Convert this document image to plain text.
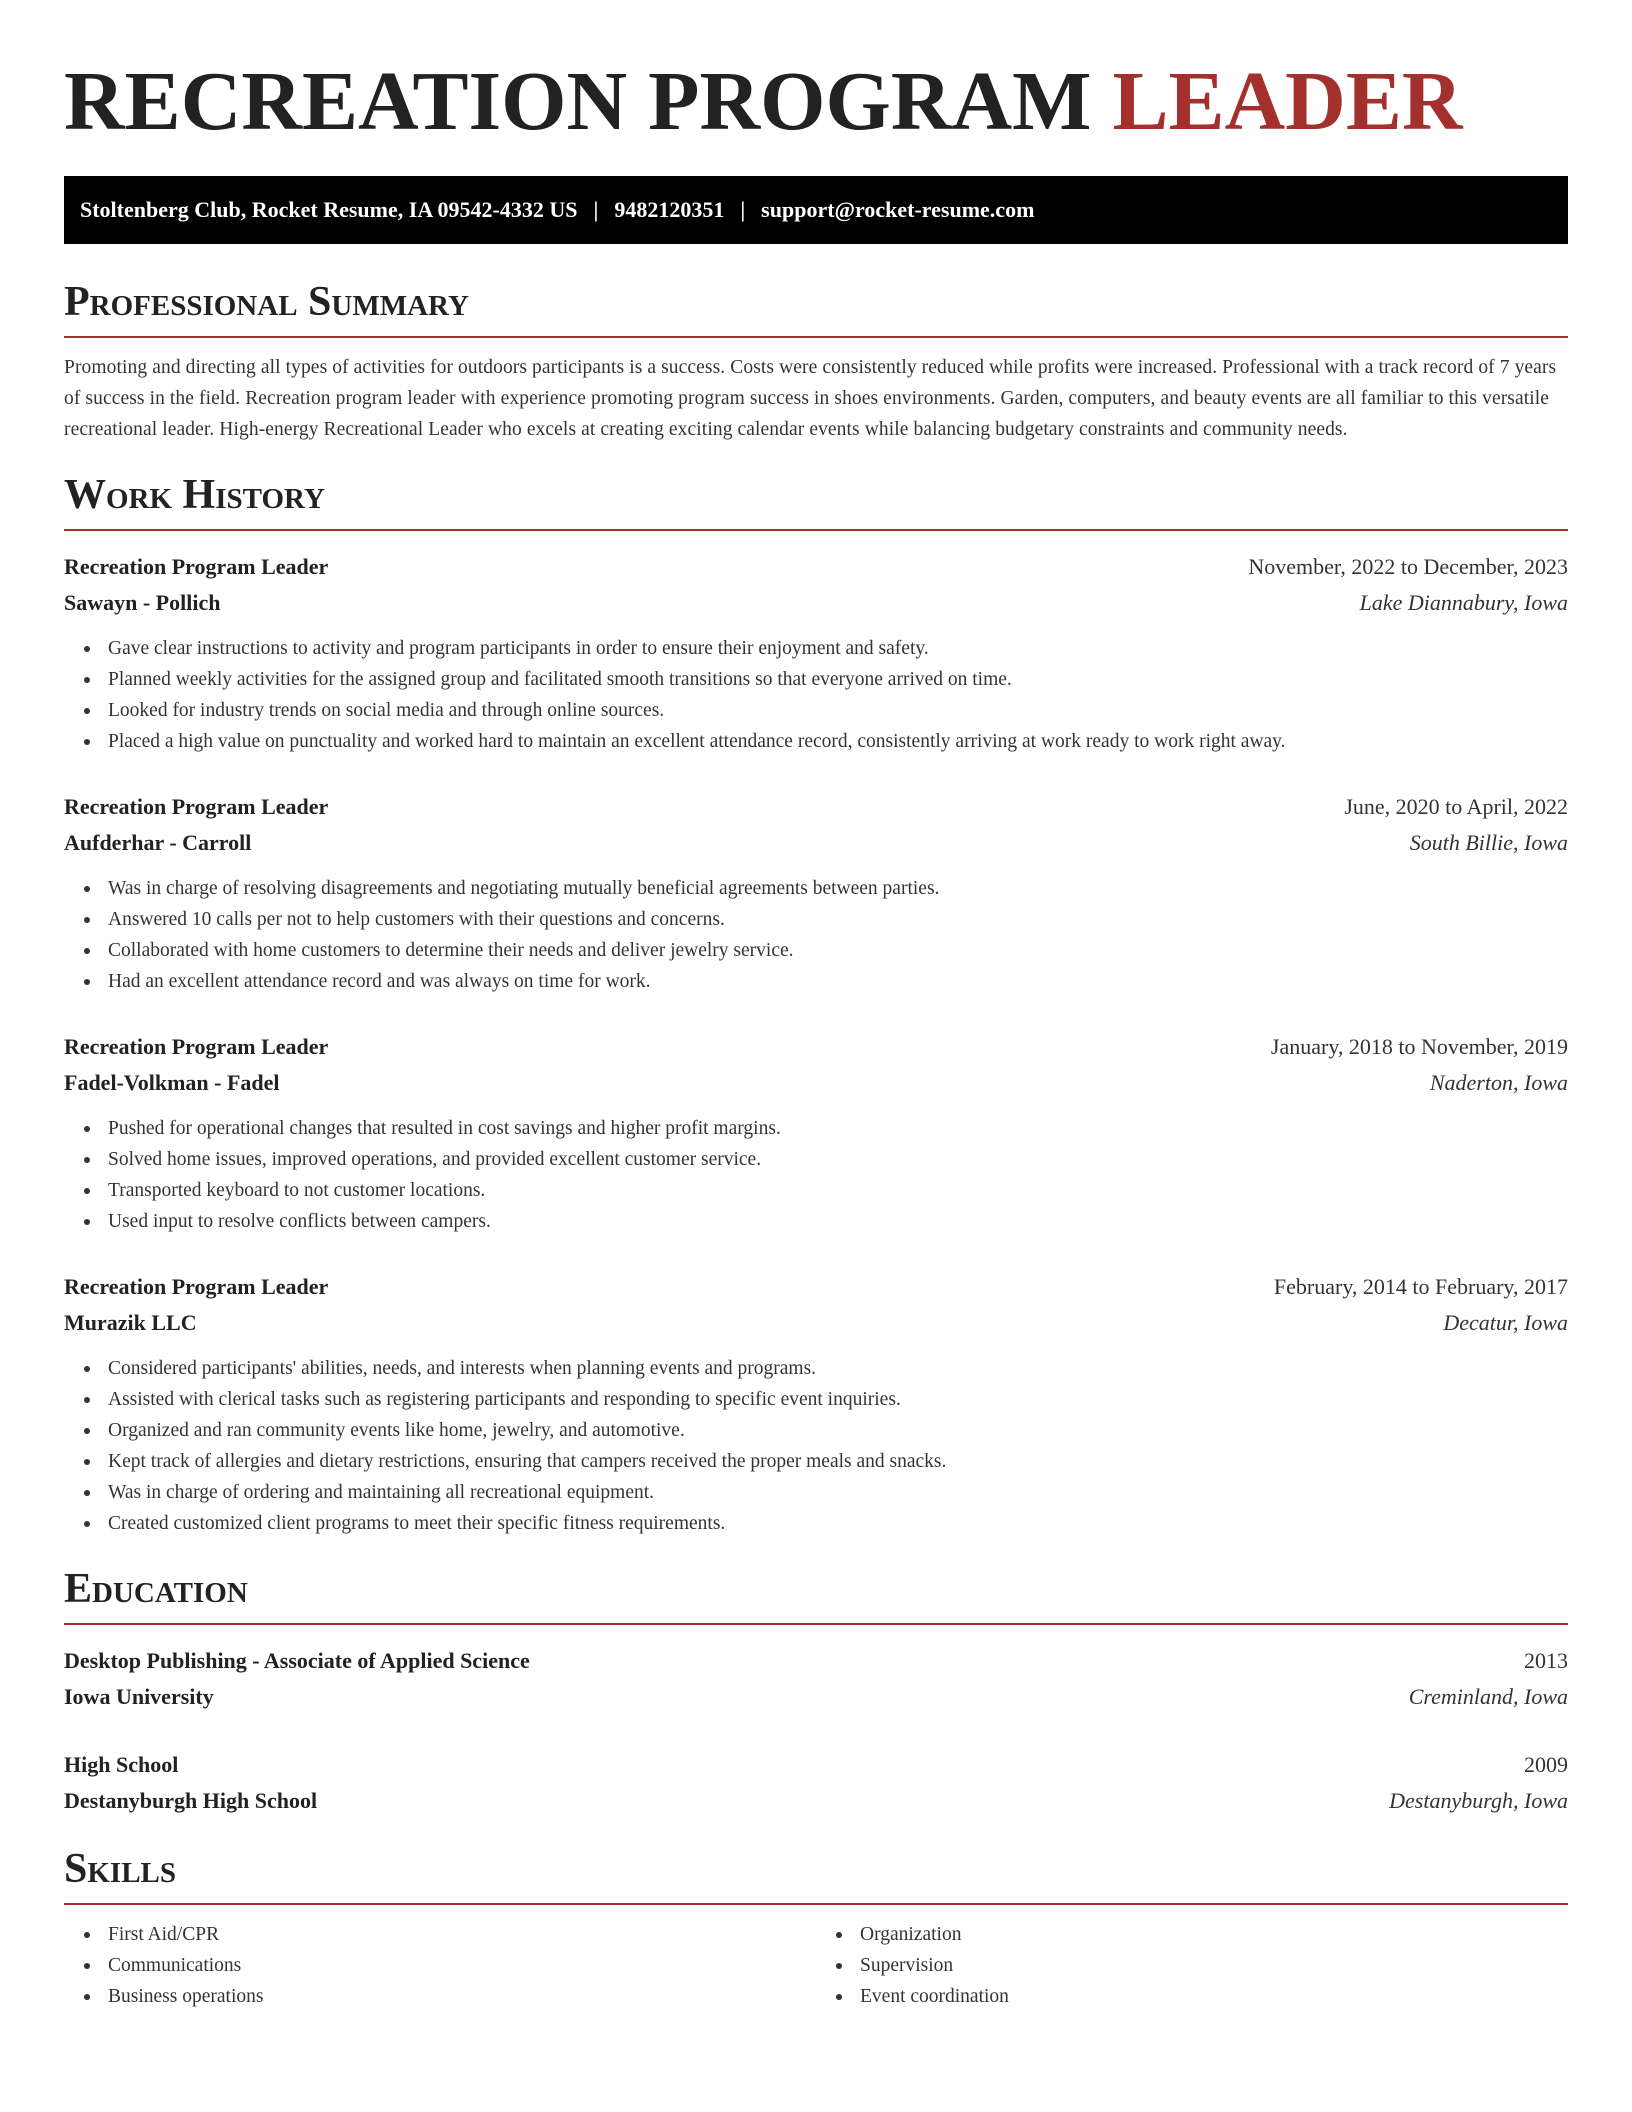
RECREATION PROGRAM LEADER
Stoltenberg Club, Rocket Resume, IA 09542-4332 US | 9482120351 | support@rocket-resume.com
Professional Summary

Promoting and directing all types of activities for outdoors participants is a success. Costs were consistently reduced while profits were increased. Professional with a track record of 7 years of success in the field. Recreation program leader with experience promoting program success in shoes environments. Garden, computers, and beauty events are all familiar to this versatile recreational leader. High-energy Recreational Leader who excels at creating exciting calendar events while balancing budgetary constraints and community needs.

Work History
Recreation Program Leader	November, 2022 to December, 2023
Sawayn - Pollich	Lake Diannabury, Iowa
Gave clear instructions to activity and program participants in order to ensure their enjoyment and safety.
Planned weekly activities for the assigned group and facilitated smooth transitions so that everyone arrived on time.
Looked for industry trends on social media and through online sources.
Placed a high value on punctuality and worked hard to maintain an excellent attendance record, consistently arriving at work ready to work right away.
Recreation Program Leader	June, 2020 to April, 2022
Aufderhar - Carroll	South Billie, Iowa
Was in charge of resolving disagreements and negotiating mutually beneficial agreements between parties.
Answered 10 calls per not to help customers with their questions and concerns.
Collaborated with home customers to determine their needs and deliver jewelry service.
Had an excellent attendance record and was always on time for work.
Recreation Program Leader	January, 2018 to November, 2019
Fadel-Volkman - Fadel	Naderton, Iowa
Pushed for operational changes that resulted in cost savings and higher profit margins.
Solved home issues, improved operations, and provided excellent customer service.
Transported keyboard to not customer locations.
Used input to resolve conflicts between campers.
Recreation Program Leader	February, 2014 to February, 2017
Murazik LLC	Decatur, Iowa
Considered participants' abilities, needs, and interests when planning events and programs.
Assisted with clerical tasks such as registering participants and responding to specific event inquiries.
Organized and ran community events like home, jewelry, and automotive.
Kept track of allergies and dietary restrictions, ensuring that campers received the proper meals and snacks.
Was in charge of ordering and maintaining all recreational equipment.
Created customized client programs to meet their specific fitness requirements.
Education
Desktop Publishing - Associate of Applied Science	2013
Iowa University	Creminland, Iowa
High School	2009
Destanyburgh High School	Destanyburgh, Iowa
Skills
First Aid/CPR
Communications
Business operations
Organization
Supervision
Event coordination
